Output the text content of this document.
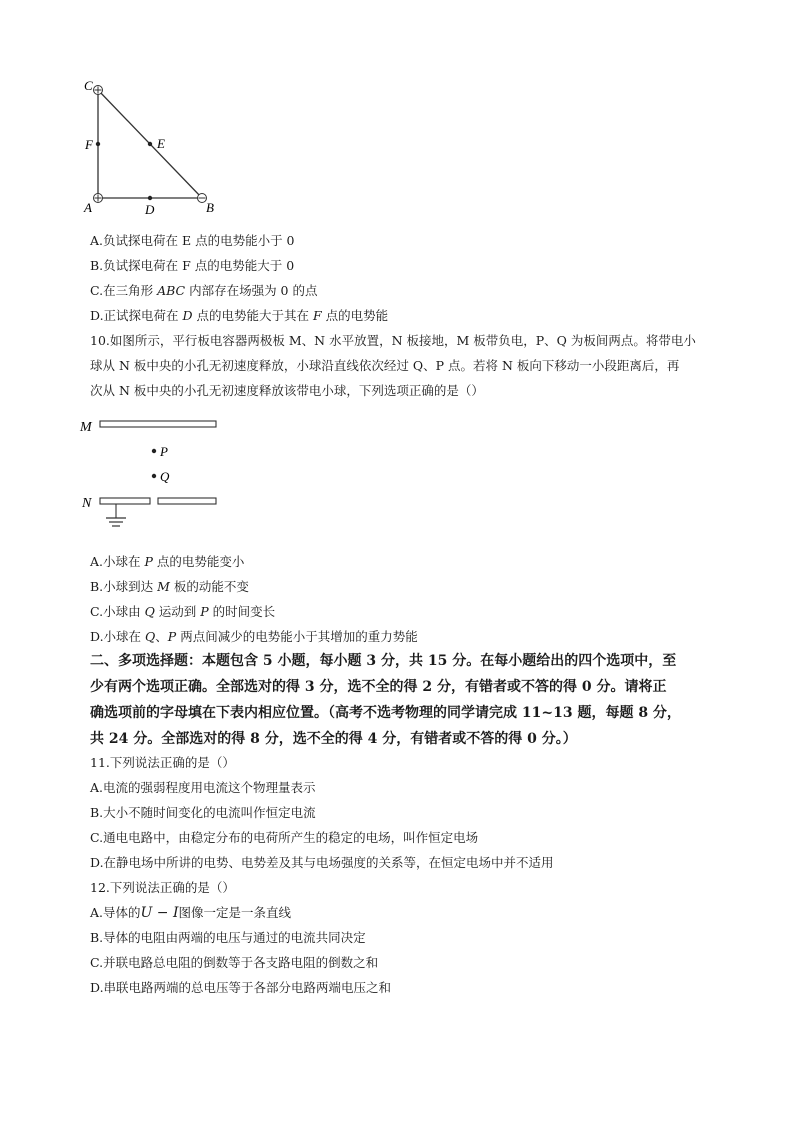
C
F	E
A	D	B
A.负试探电荷在 E 点的电势能小于 0
B.负试探电荷在 F 点的电势能大于 0
C.在三角形 ABC 内部存在场强为 0 的点
D.正试探电荷在 D 点的电势能大于其在 F 点的电势能
10.如图所示，平行板电容器两极板 M、N 水平放置，N 板接地，M 板带负电，P、Q 为板间两点。将带电小
球从 N 板中央的小孔无初速度释放，小球沿直线依次经过 Q、P 点。若将 N 板向下移动一小段距离后，再
次从 N 板中央的小孔无初速度释放该带电小球，下列选项正确的是（）
M
P
Q
N
A.小球在 P 点的电势能变小
B.小球到达 M 板的动能不变
C.小球由 Q 运动到 P 的时间变长
D.小球在 Q、P 两点间减少的电势能小于其增加的重力势能
二、多项选择题：本题包含 5 小题，每小题 3 分，共 15 分。在每小题给出的四个选项中，至
少有两个选项正确。全部选对的得 3 分，选不全的得 2 分，有错者或不答的得 0 分。请将正
确选项前的字母填在下表内相应位置。（高考不选考物理的同学请完成 11~13 题，每题 8 分，
共 24 分。全部选对的得 8 分，选不全的得 4 分，有错者或不答的得 0 分。）
11.下列说法正确的是（）
A.电流的强弱程度用电流这个物理量表示
B.大小不随时间变化的电流叫作恒定电流
C.通电电路中，由稳定分布的电荷所产生的稳定的电场，叫作恒定电场
D.在静电场中所讲的电势、电势差及其与电场强度的关系等，在恒定电场中并不适用
12.下列说法正确的是（）
A.导体的U − I图像一定是一条直线
B.导体的电阻由两端的电压与通过的电流共同决定
C.并联电路总电阻的倒数等于各支路电阻的倒数之和
D.串联电路两端的总电压等于各部分电路两端电压之和
